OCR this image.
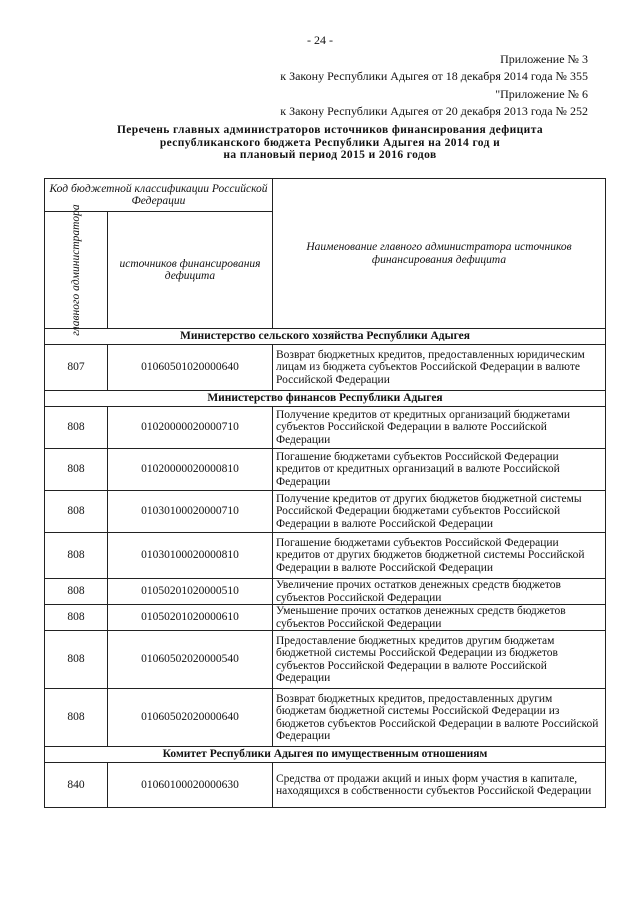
- 24 -
Приложение № 3
к Закону Республики Адыгея от 18 декабря 2014 года № 355
"Приложение № 6
к Закону Республики Адыгея от 20 декабря 2013 года № 252
Перечень главных администраторов источников финансирования дефицита
республиканского бюджета Республики Адыгея на 2014 год и
на плановый период 2015 и 2016 годов
Код бюджетной классификации Российской Федерации		Наименование главного администратора источников финансирования дефицита

главного администратора	источников финансирования дефицита	
Министерство сельского хозяйства Республики Адыгея		
807	01060501020000640	Возврат бюджетных кредитов, предоставленных юридическим лицам из бюджета субъектов Российской Федерации в валюте Российской Федерации
Министерство финансов Республики Адыгея		
808	01020000020000710	Получение кредитов от кредитных организаций бюджетами субъектов Российской Федерации в валюте Российской Федерации
808	01020000020000810	Погашение бюджетами субъектов Российской Федерации кредитов от кредитных организаций в валюте Российской Федерации
808	01030100020000710	Получение кредитов от других бюджетов бюджетной системы Российской Федерации бюджетами субъектов Российской Федерации в валюте Российской Федерации
808	01030100020000810	Погашение бюджетами субъектов Российской Федерации кредитов от других бюджетов бюджетной системы Российской Федерации в валюте Российской Федерации
808	01050201020000510	Увеличение прочих остатков денежных средств бюджетов субъектов Российской Федерации
808	01050201020000610	Уменьшение прочих остатков денежных средств бюджетов субъектов Российской Федерации
808	01060502020000540	Предоставление бюджетных кредитов другим бюджетам бюджетной системы Российской Федерации из бюджетов субъектов Российской Федерации в валюте Российской Федерации
808	01060502020000640	Возврат бюджетных кредитов, предоставленных другим бюджетам бюджетной системы Российской Федерации из бюджетов субъектов Российской Федерации в валюте Российской Федерации
Комитет Республики Адыгея по имущественным отношениям		
840	01060100020000630	Средства от продажи акций и иных форм участия в капитале, находящихся в собственности субъектов Российской Федерации
